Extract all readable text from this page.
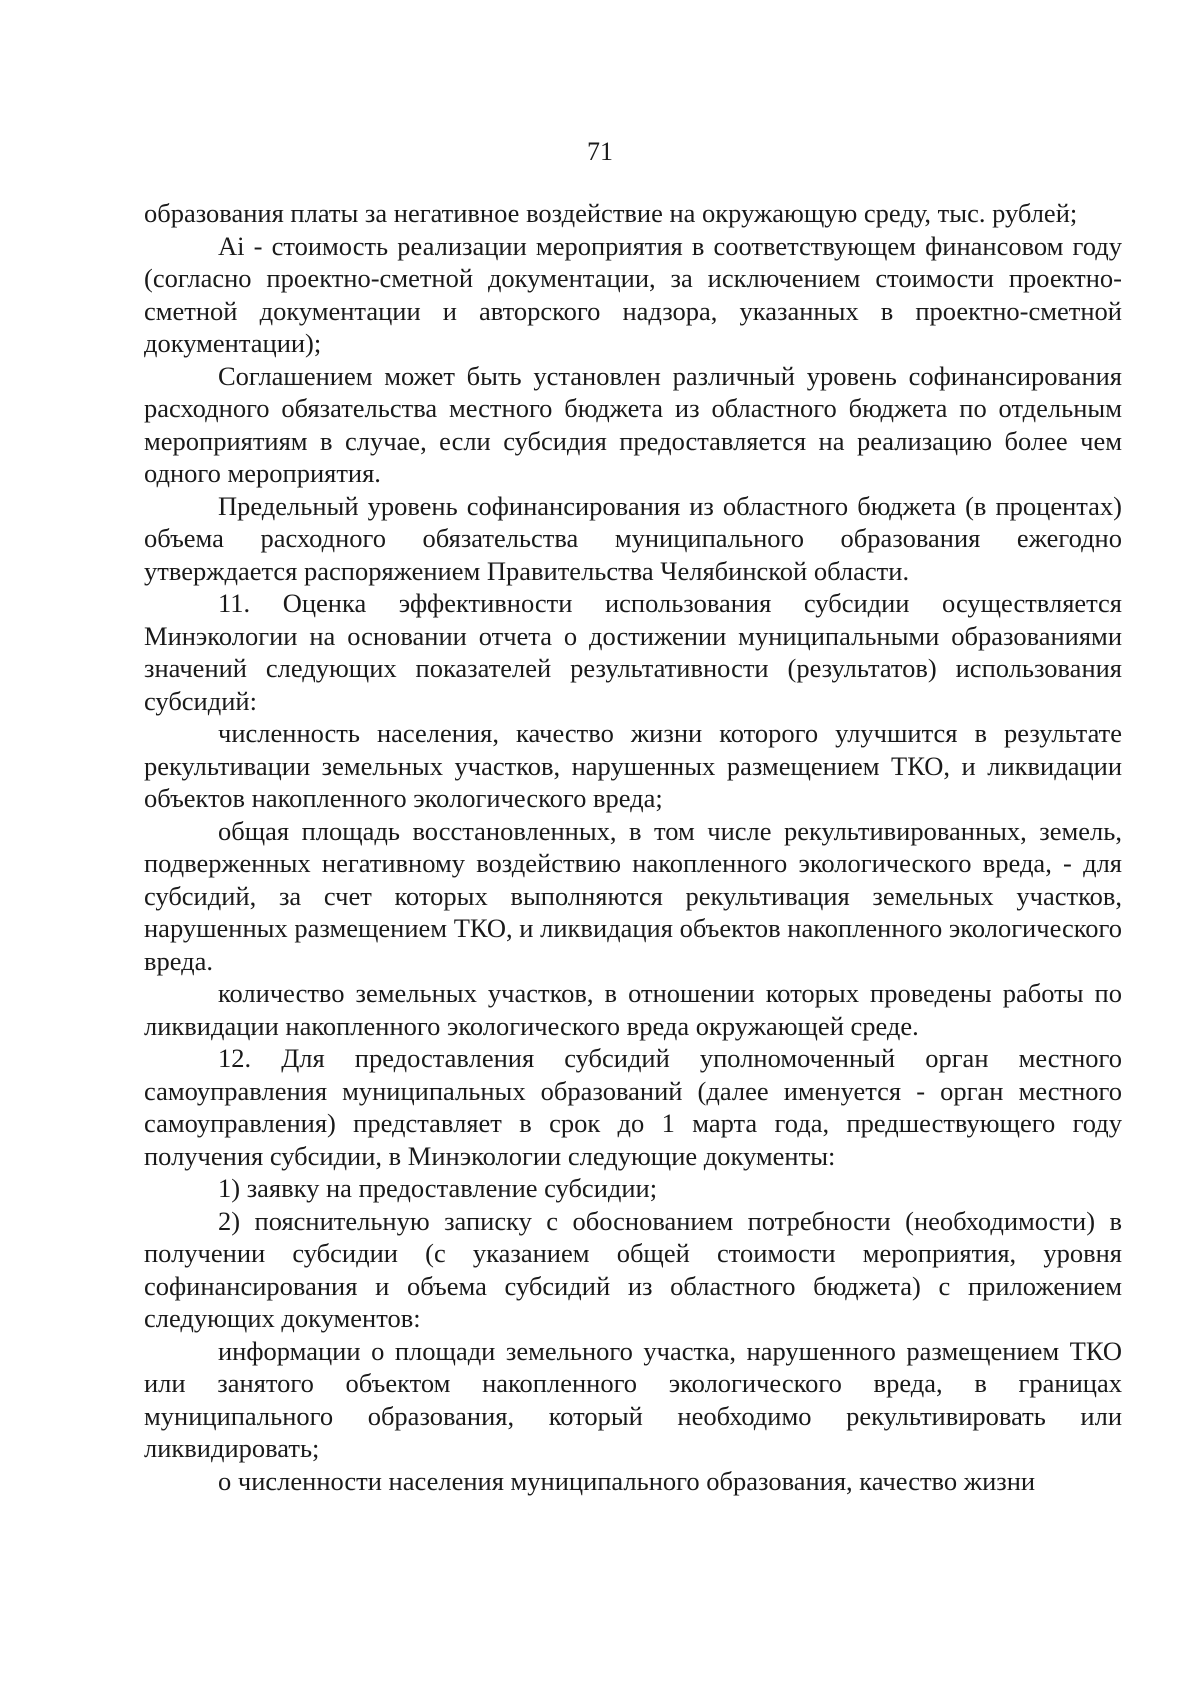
71

образования платы за негативное воздействие на окружающую среду, тыс. рублей;

Ai - стоимость реализации мероприятия в соответствующем финансовом году (согласно проектно-сметной документации, за исключением стоимости проектно-сметной документации и авторского надзора, указанных в проектно-сметной документации);

Соглашением может быть установлен различный уровень софинансирования расходного обязательства местного бюджета из областного бюджета по отдельным мероприятиям в случае, если субсидия предоставляется на реализацию более чем одного мероприятия.

Предельный уровень софинансирования из областного бюджета (в процентах) объема расходного обязательства муниципального образования ежегодно утверждается распоряжением Правительства Челябинской области.

11. Оценка эффективности использования субсидии осуществляется Минэкологии на основании отчета о достижении муниципальными образованиями значений следующих показателей результативности (результатов) использования субсидий:

численность населения, качество жизни которого улучшится в результате рекультивации земельных участков, нарушенных размещением ТКО, и ликвидации объектов накопленного экологического вреда;

общая площадь восстановленных, в том числе рекультивированных, земель, подверженных негативному воздействию накопленного экологического вреда, - для субсидий, за счет которых выполняются рекультивация земельных участков, нарушенных размещением ТКО, и ликвидация объектов накопленного экологического вреда.

количество земельных участков, в отношении которых проведены работы по ликвидации накопленного экологического вреда окружающей среде.

12. Для предоставления субсидий уполномоченный орган местного самоуправления муниципальных образований (далее именуется - орган местного самоуправления) представляет в срок до 1 марта года, предшествующего году получения субсидии, в Минэкологии следующие документы:

1) заявку на предоставление субсидии;

2) пояснительную записку с обоснованием потребности (необходимости) в получении субсидии (с указанием общей стоимости мероприятия, уровня софинансирования и объема субсидий из областного бюджета) с приложением следующих документов:

информации о площади земельного участка, нарушенного размещением ТКО или занятого объектом накопленного экологического вреда, в границах муниципального образования, который необходимо рекультивировать или ликвидировать;

о численности населения муниципального образования, качество жизни
